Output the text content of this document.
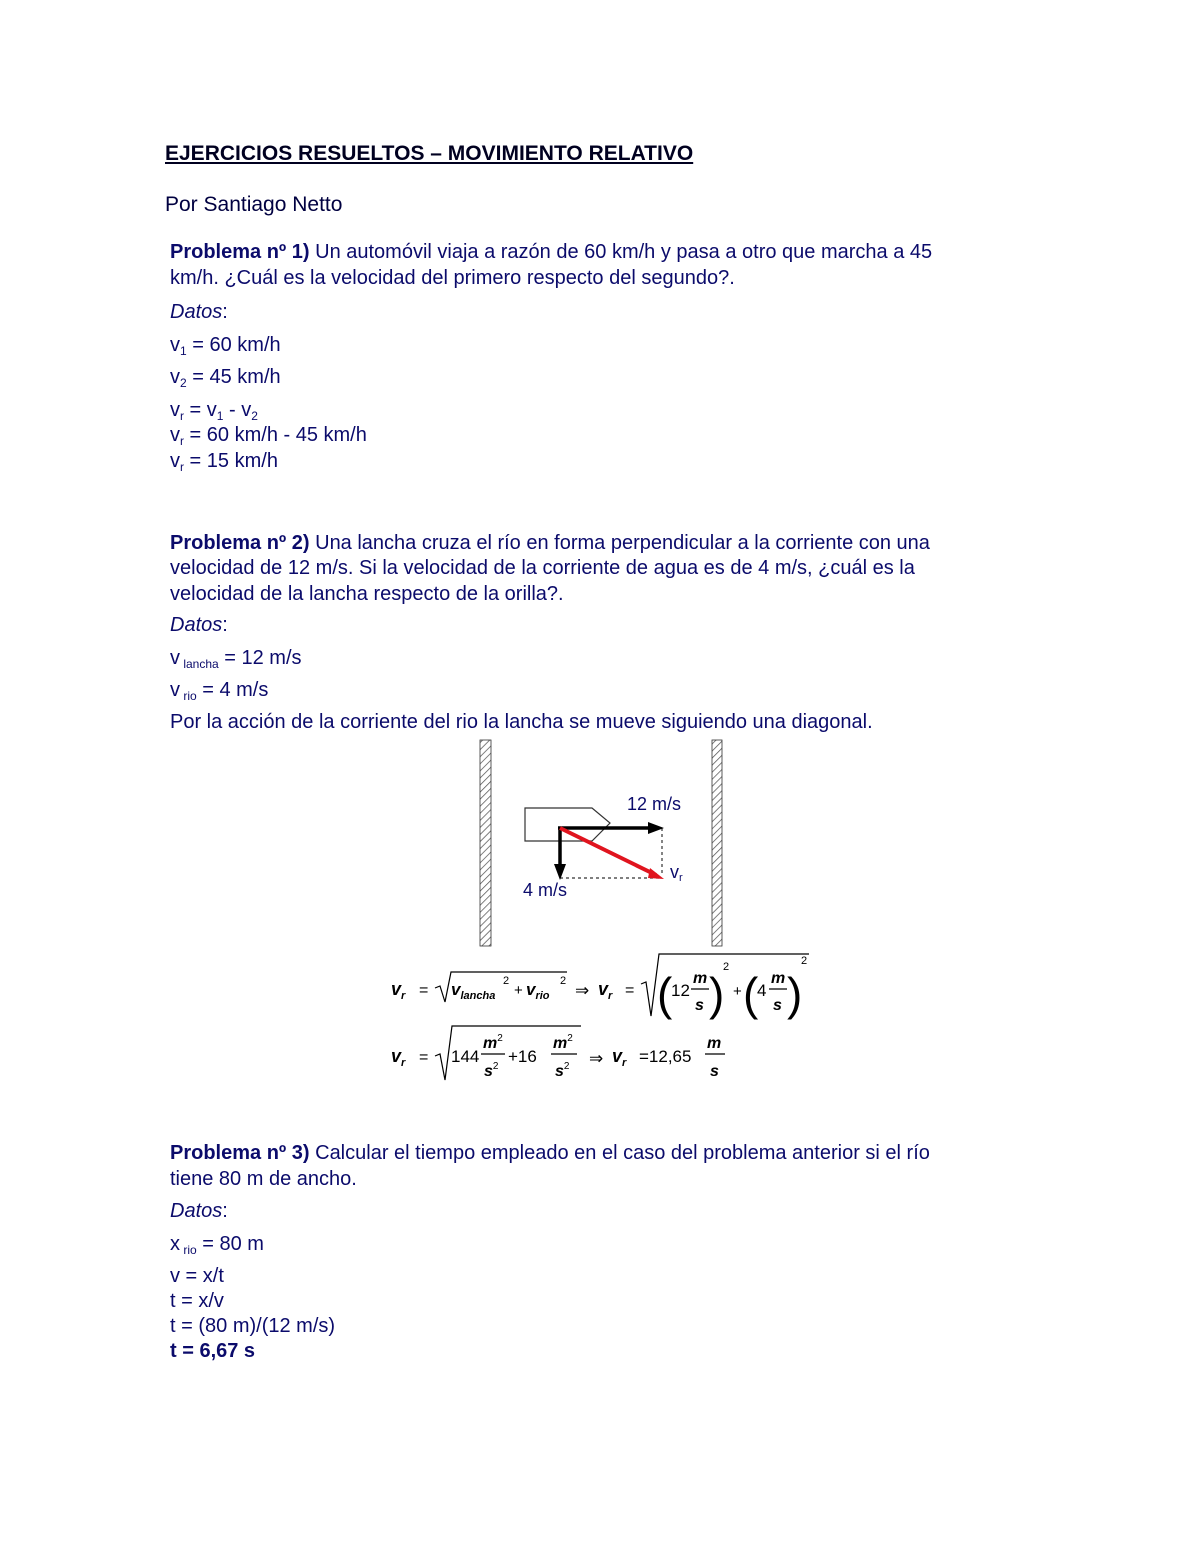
EJERCICIOS RESUELTOS – MOVIMIENTO RELATIVO
Por Santiago Netto
Problema nº 1) Un automóvil viaja a razón de 60 km/h y pasa a otro que marcha a 45
km/h. ¿Cuál es la velocidad del primero respecto del segundo?.
Datos:
$v_1 = 60$ km/h
$v_2 = 45$ km/h
$v_r = v_1 - v_2$
$v_r = 60$ km/h - 45 km/h
$v_r = 15$ km/h
Problema nº 2) Una lancha cruza el río en forma perpendicular a la corriente con una
velocidad de 12 m/s. Si la velocidad de la corriente de agua es de 4 m/s, ¿cuál es la
velocidad de la lancha respecto de la orilla?.
Datos:
v $_{lancha}$ = 12 m/s
v $_{rio}$ = 4 m/s
Por la acción de la corriente del rio la lancha se mueve siguiendo una diagonal.
12 m/s
4 m/s
vr
$v_r = v_{lancha}$
2
+ $v_{rio}$
2 ⇒ $v_r$ = (
12
m
s )
2
+ (
4
m
s )
2
$v_r = 144$
$m^2$
$s^2$
+16
$m^2$
$s^2$ ⇒ $v_r =12,65$
m
s
Problema nº 3) Calcular el tiempo empleado en el caso del problema anterior si el río
tiene 80 m de ancho.
Datos:
x $_{rio}$ = 80 m
v = x/t
t = x/v
t = (80 m)/(12 m/s)
t = 6,67 s
